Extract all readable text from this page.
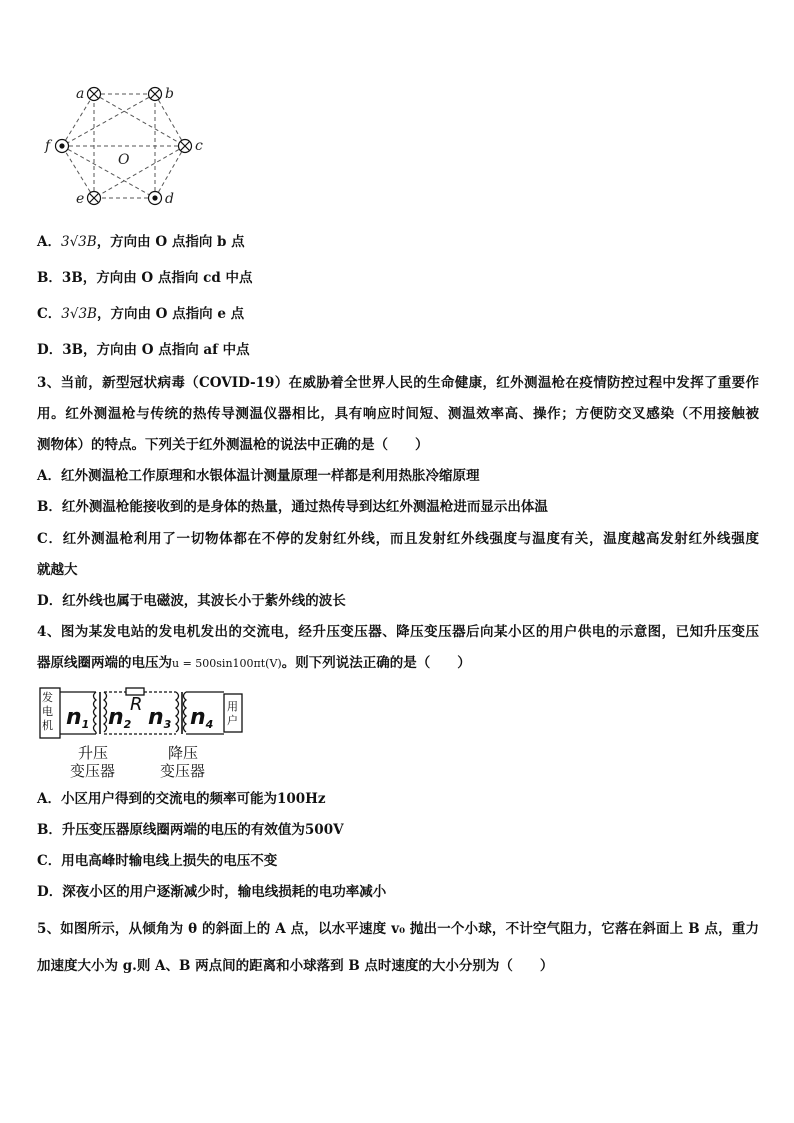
a	b
c
d
e
f
O
A．3√3B，方向由 O 点指向 b 点
B．3B，方向由 O 点指向 cd 中点
C．3√3B，方向由 O 点指向 e 点
D．3B，方向由 O 点指向 af 中点
3、当前，新型冠状病毒（COVID-19）在威胁着全世界人民的生命健康，红外测温枪在疫情防控过程中发挥了重要作
用。红外测温枪与传统的热传导测温仪器相比，具有响应时间短、测温效率高、操作；方便防交叉感染（不用接触被
测物体）的特点。下列关于红外测温枪的说法中正确的是（　　）
A．红外测温枪工作原理和水银体温计测量原理一样都是利用热胀冷缩原理
B．红外测温枪能接收到的是身体的热量，通过热传导到达红外测温枪进而显示出体温
C．红外测温枪利用了一切物体都在不停的发射红外线，而且发射红外线强度与温度有关，温度越高发射红外线强度
就越大
D．红外线也属于电磁波，其波长小于紫外线的波长
4、图为某发电站的发电机发出的交流电，经升压变压器、降压变压器后向某小区的用户供电的示意图，已知升压变压
器原线圈两端的电压为u = 500sin100πt(V)。则下列说法正确的是（　　）
发
电
机
用
户
n1 n2
R
n3 n4
升压
变压器
降压
变压器
A．小区用户得到的交流电的频率可能为100Hz
B．升压变压器原线圈两端的电压的有效值为500V
C．用电高峰时输电线上损失的电压不变
D．深夜小区的用户逐渐减少时，输电线损耗的电功率减小
5、如图所示，从倾角为 θ 的斜面上的 A 点，以水平速度 v₀ 抛出一个小球，不计空气阻力，它落在斜面上 B 点，重力
加速度大小为 g.则 A、B 两点间的距离和小球落到 B 点时速度的大小分别为（　　）
